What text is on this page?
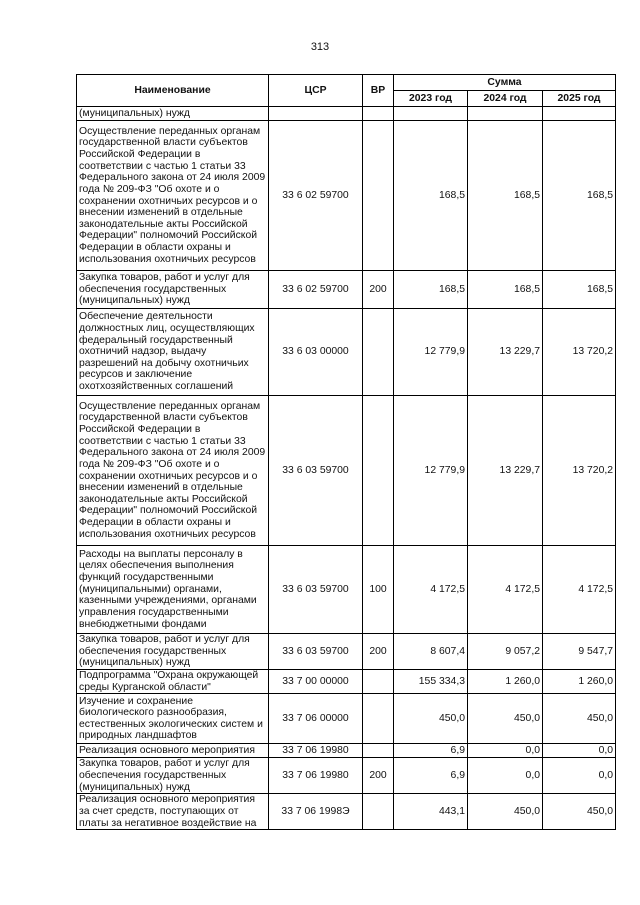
313
Наименование	ЦСР	ВР	Сумма		
			2023 год	2024 год	2025 год
(муниципальных) нужд					
Осуществление переданных органам государственной власти субъектов Российской Федерации в соответствии с частью 1 статьи 33 Федерального закона от 24 июля 2009 года № 209-ФЗ "Об охоте и о сохранении охотничьих ресурсов и о внесении изменений в отдельные законодательные акты Российской Федерации" полномочий Российской Федерации в области охраны и использования охотничьих ресурсов	33 6 02 59700		168,5	168,5	168,5
Закупка товаров, работ и услуг для обеспечения государственных (муниципальных) нужд	33 6 02 59700	200	168,5	168,5	168,5
Обеспечение деятельности должностных лиц, осуществляющих федеральный государственный охотничий надзор, выдачу разрешений на добычу охотничьих ресурсов и заключение охотхозяйственных соглашений	33 6 03 00000		12 779,9	13 229,7	13 720,2
Осуществление переданных органам государственной власти субъектов Российской Федерации в соответствии с частью 1 статьи 33 Федерального закона от 24 июля 2009 года № 209-ФЗ "Об охоте и о сохранении охотничьих ресурсов и о внесении изменений в отдельные законодательные акты Российской Федерации" полномочий Российской Федерации в области охраны и использования охотничьих ресурсов	33 6 03 59700		12 779,9	13 229,7	13 720,2
Расходы на выплаты персоналу в целях обеспечения выполнения функций государственными (муниципальными) органами, казенными учреждениями, органами управления государственными внебюджетными фондами	33 6 03 59700	100	4 172,5	4 172,5	4 172,5
Закупка товаров, работ и услуг для обеспечения государственных (муниципальных) нужд	33 6 03 59700	200	8 607,4	9 057,2	9 547,7
Подпрограмма "Охрана окружающей среды Курганской области"	33 7 00 00000		155 334,3	1 260,0	1 260,0
Изучение и сохранение биологического разнообразия, естественных экологических систем и природных ландшафтов	33 7 06 00000		450,0	450,0	450,0
Реализация основного мероприятия	33 7 06 19980		6,9	0,0	0,0
Закупка товаров, работ и услуг для обеспечения государственных (муниципальных) нужд	33 7 06 19980	200	6,9	0,0	0,0
Реализация основного мероприятия за счет средств, поступающих от платы за негативное воздействие на	33 7 06 1998Э		443,1	450,0	450,0
